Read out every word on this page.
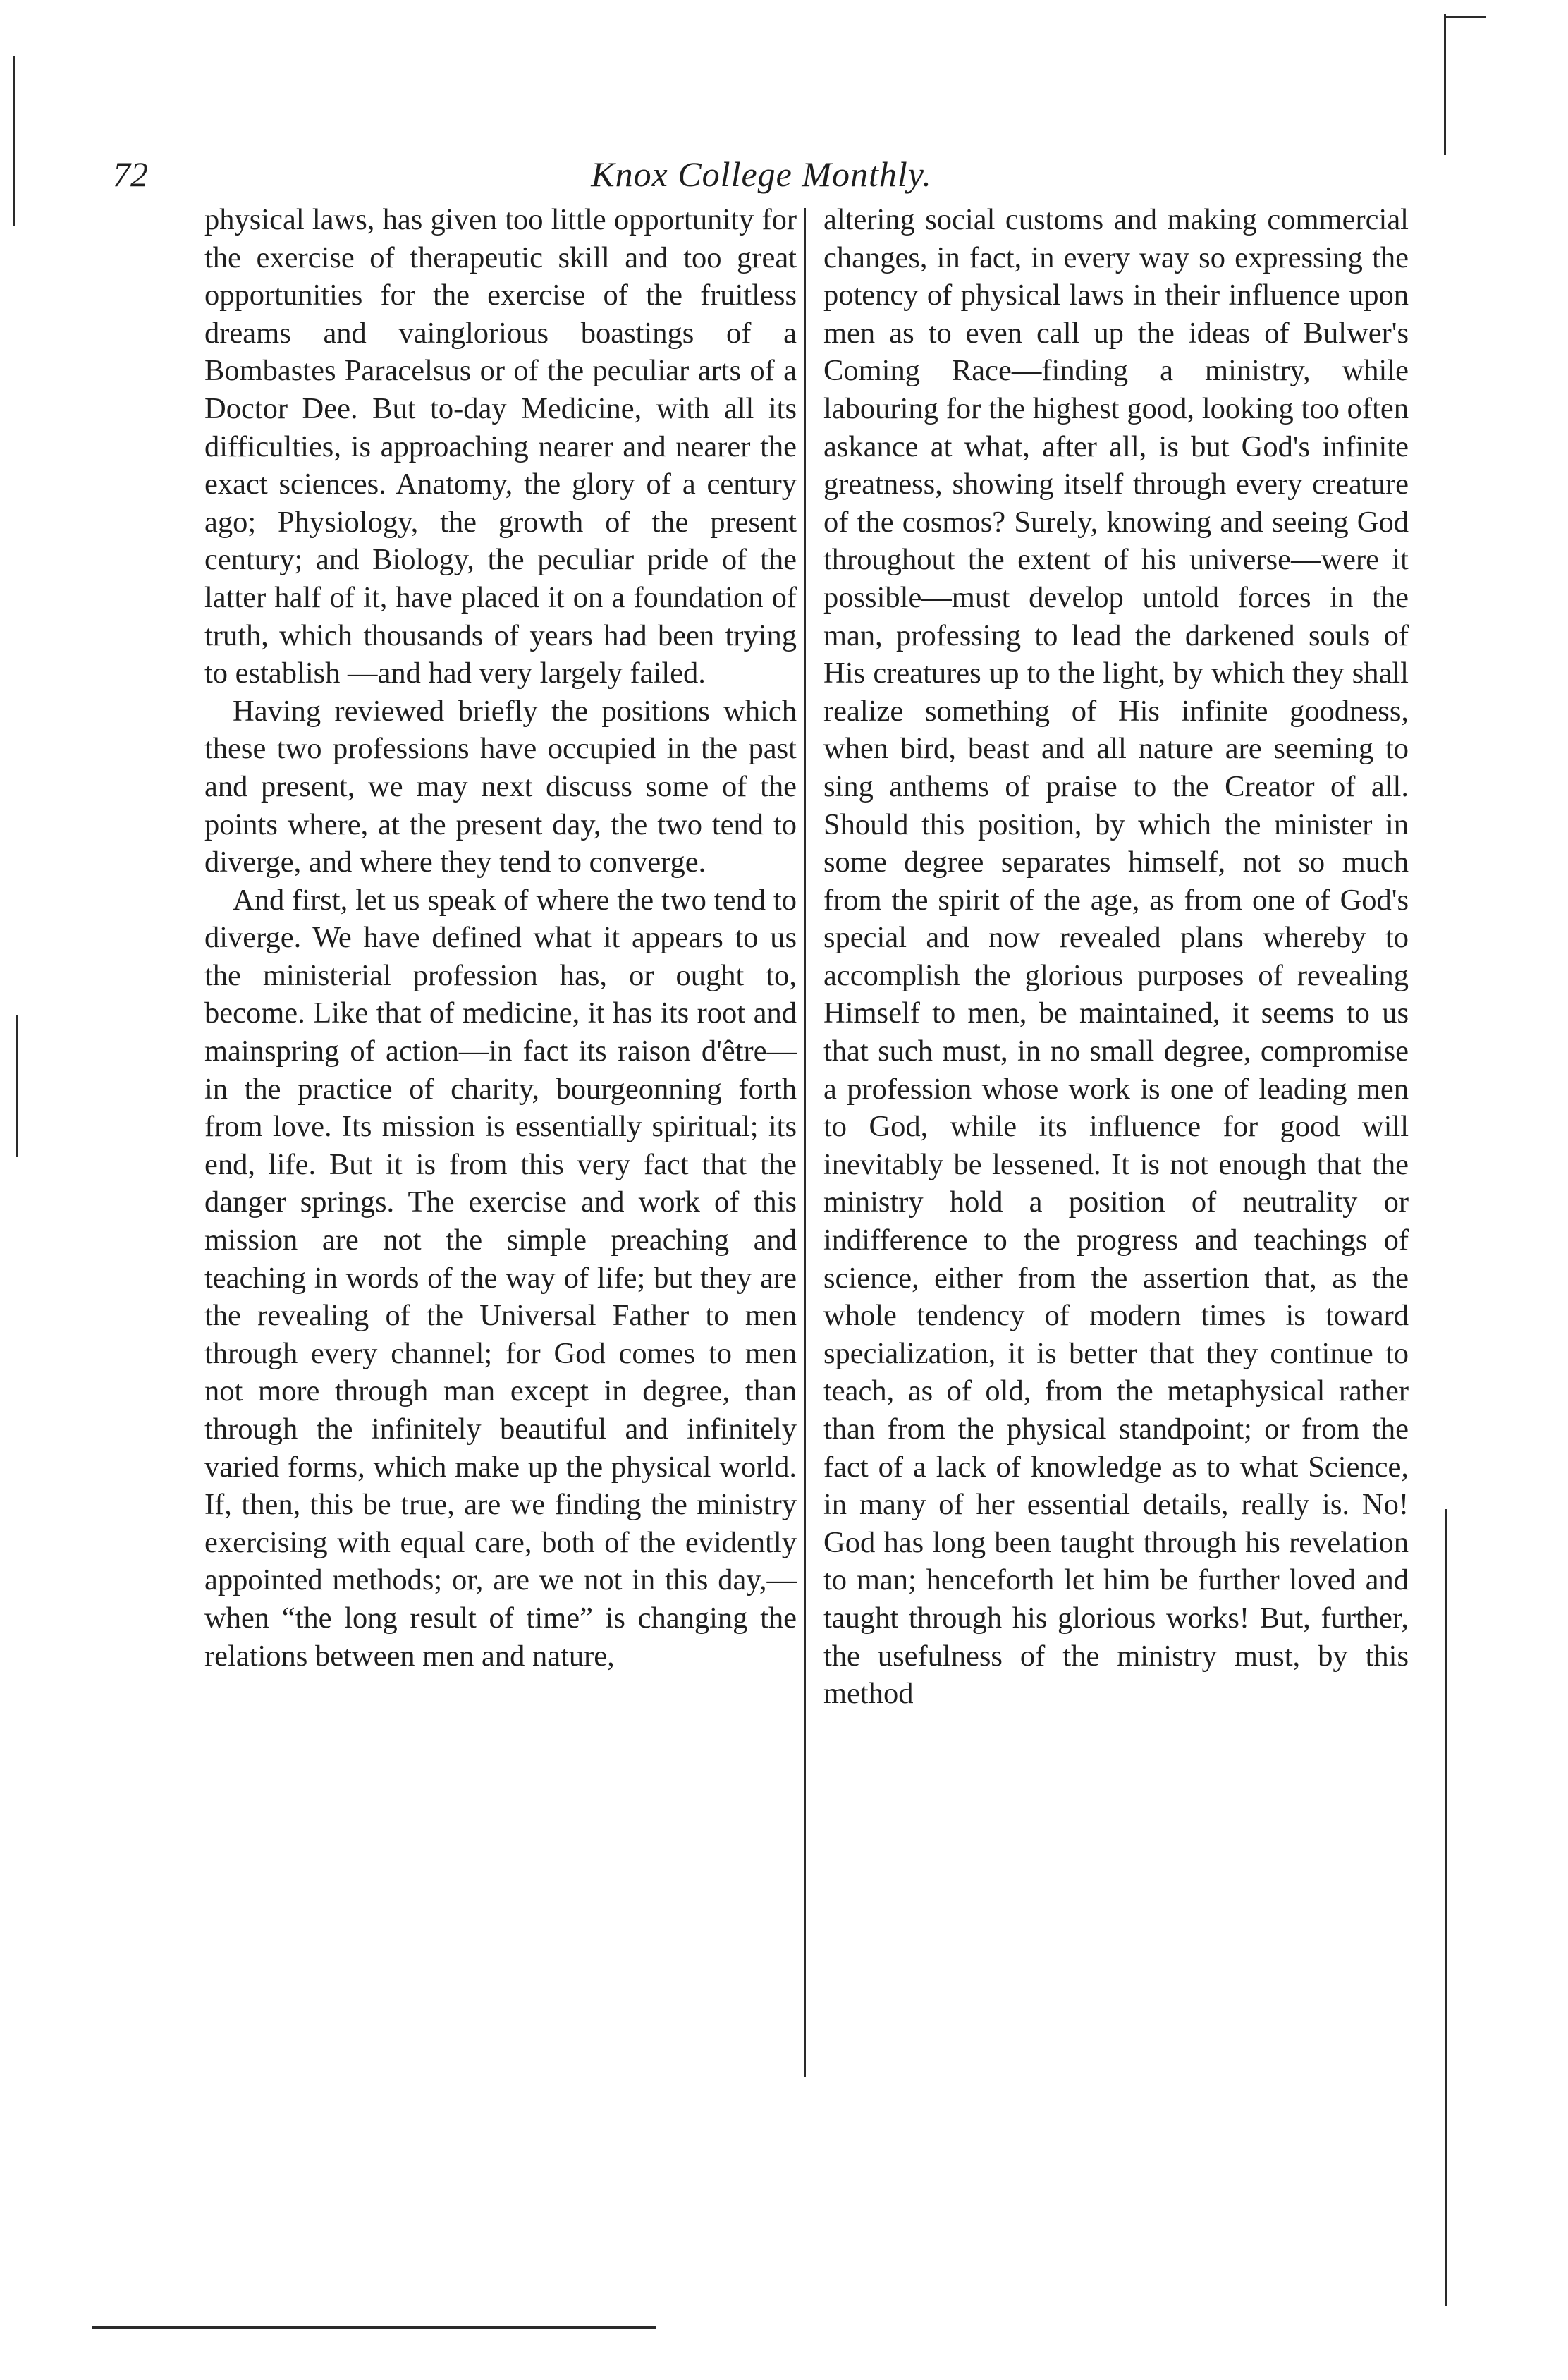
72	Knox College Monthly.

physical laws, has given too little opportunity for the exercise of therapeutic skill and too great opportunities for the exercise of the fruitless dreams and vainglorious boastings of a Bombastes Paracelsus or of the peculiar arts of a Doctor Dee. But to-day Medicine, with all its difficulties, is approaching nearer and nearer the exact sciences. Anatomy, the glory of a century ago; Physiology, the growth of the present century; and Biology, the peculiar pride of the latter half of it, have placed it on a foundation of truth, which thousands of years had been trying to establish —and had very largely failed.

Having reviewed briefly the positions which these two professions have occupied in the past and present, we may next discuss some of the points where, at the present day, the two tend to diverge, and where they tend to converge.

And first, let us speak of where the two tend to diverge. We have defined what it appears to us the ministerial profession has, or ought to, become. Like that of medicine, it has its root and mainspring of action—in fact its raison d'être—in the practice of charity, bourgeonning forth from love. Its mission is essentially spiritual; its end, life. But it is from this very fact that the danger springs. The exercise and work of this mission are not the simple preaching and teaching in words of the way of life; but they are the revealing of the Universal Father to men through every channel; for God comes to men not more through man except in degree, than through the infinitely beautiful and infinitely varied forms, which make up the physical world. If, then, this be true, are we finding the ministry exercising with equal care, both of the evidently appointed methods; or, are we not in this day,—when “the long result of time” is changing the relations between men and nature,

altering social customs and making commercial changes, in fact, in every way so expressing the potency of physical laws in their influence upon men as to even call up the ideas of Bulwer's Coming Race—finding a ministry, while labouring for the highest good, looking too often askance at what, after all, is but God's infinite greatness, showing itself through every creature of the cosmos? Surely, knowing and seeing God throughout the extent of his universe—were it possible—must develop untold forces in the man, professing to lead the darkened souls of His creatures up to the light, by which they shall realize something of His infinite goodness, when bird, beast and all nature are seeming to sing anthems of praise to the Creator of all. Should this position, by which the minister in some degree separates himself, not so much from the spirit of the age, as from one of God's special and now revealed plans whereby to accomplish the glorious purposes of revealing Himself to men, be maintained, it seems to us that such must, in no small degree, compromise a profession whose work is one of leading men to God, while its influence for good will inevitably be lessened. It is not enough that the ministry hold a position of neutrality or indifference to the progress and teachings of science, either from the assertion that, as the whole tendency of modern times is toward specialization, it is better that they continue to teach, as of old, from the metaphysical rather than from the physical standpoint; or from the fact of a lack of knowledge as to what Science, in many of her essential details, really is. No! God has long been taught through his revelation to man; henceforth let him be further loved and taught through his glorious works! But, further, the usefulness of the ministry must, by this method
